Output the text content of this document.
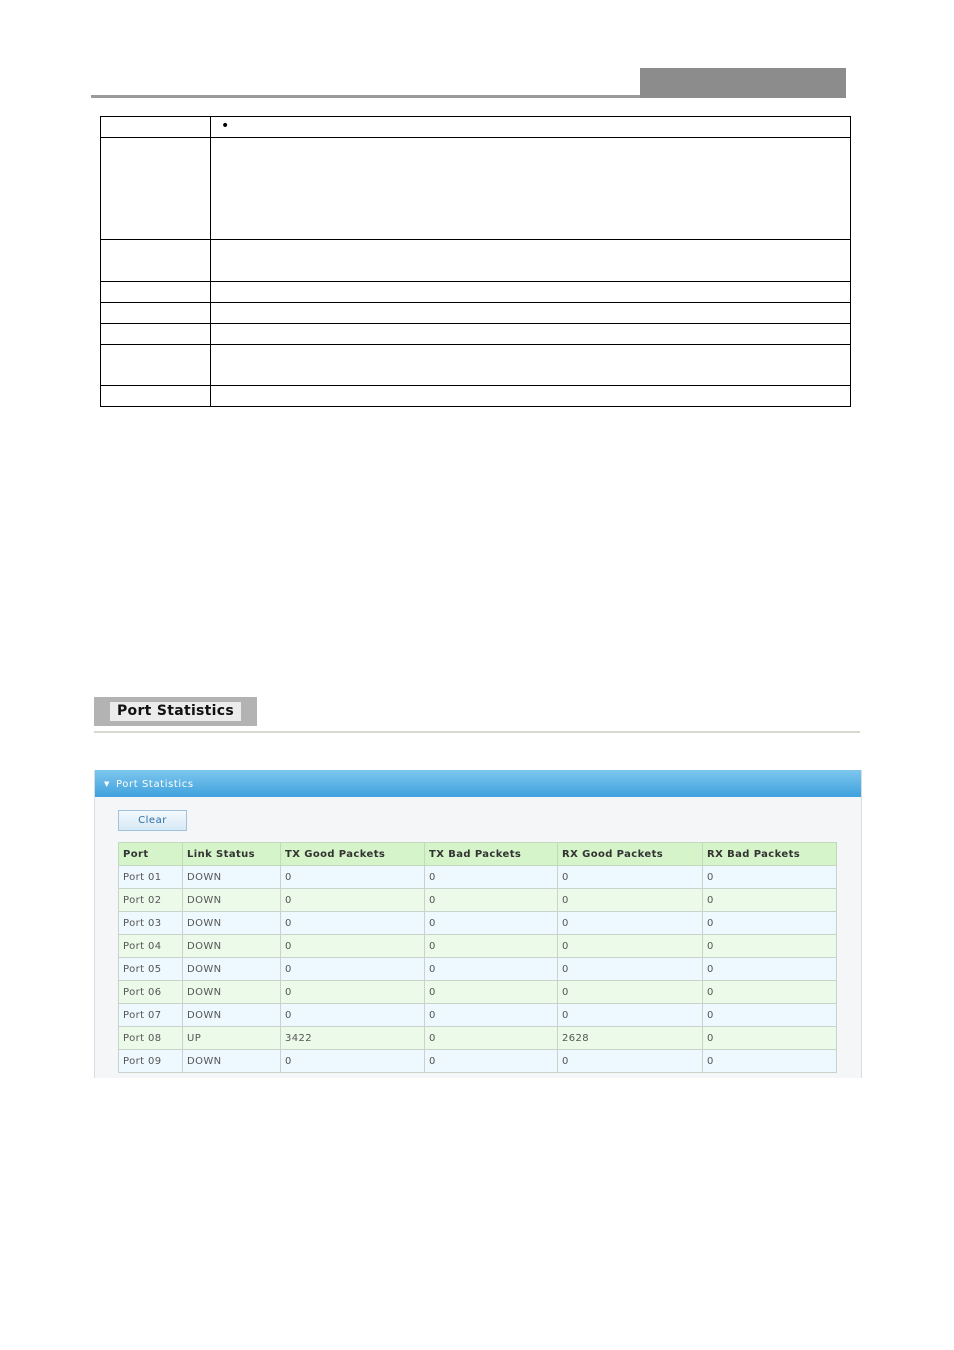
	•

Port Statistics
▼ Port Statistics
Clear
Port	Link Status	TX Good Packets	TX Bad Packets	RX Good Packets	RX Bad Packets
Port 01	DOWN	0	0	0	0
Port 02	DOWN	0	0	0	0
Port 03	DOWN	0	0	0	0
Port 04	DOWN	0	0	0	0
Port 05	DOWN	0	0	0	0
Port 06	DOWN	0	0	0	0
Port 07	DOWN	0	0	0	0
Port 08	UP	3422	0	2628	0
Port 09	DOWN	0	0	0	0
